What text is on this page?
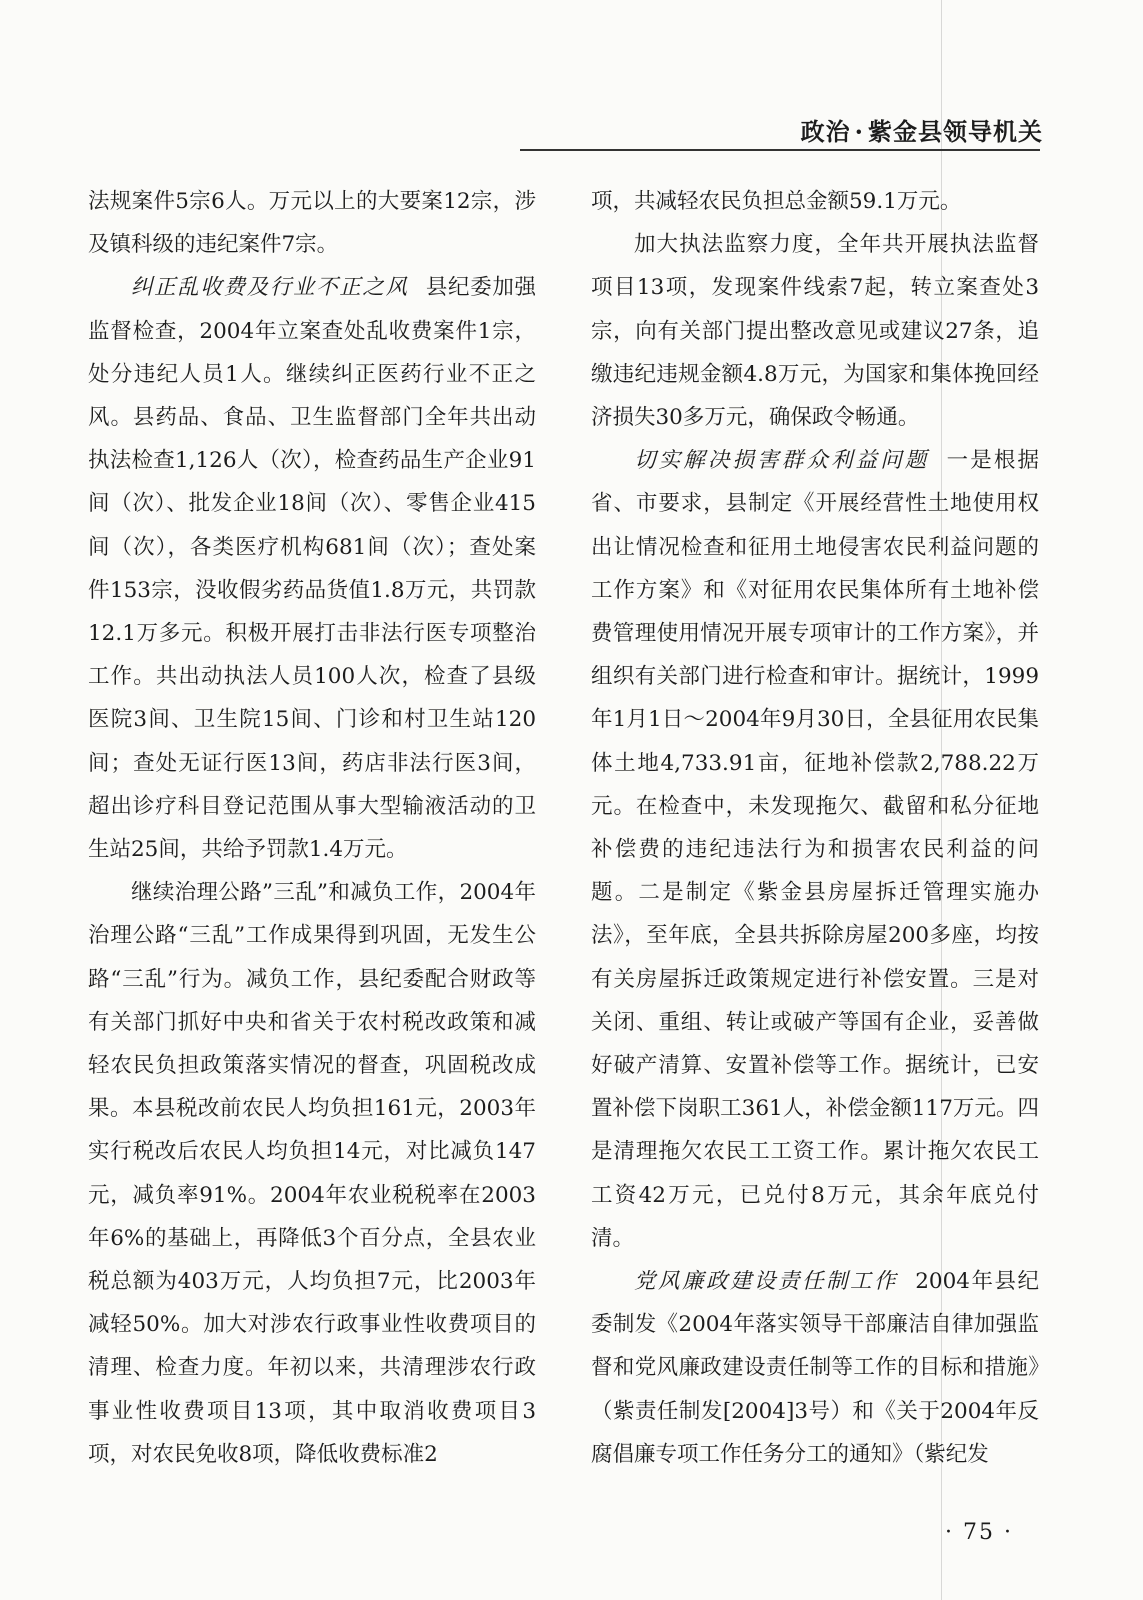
政治 · 紫金县领导机关

法规案件5宗6人。万元以上的大要案12宗，涉及镇科级的违纪案件7宗。

纠正乱收费及行业不正之风 县纪委加强监督检查，2004年立案查处乱收费案件1宗，处分违纪人员1人。继续纠正医药行业不正之风。县药品、食品、卫生监督部门全年共出动执法检查1,126人（次），检查药品生产企业91间（次）、批发企业18间（次）、零售企业415间（次），各类医疗机构681间（次）；查处案件153宗，没收假劣药品货值1.8万元，共罚款12.1万多元。积极开展打击非法行医专项整治工作。共出动执法人员100人次，检查了县级医院3间、卫生院15间、门诊和村卫生站120间；查处无证行医13间，药店非法行医3间，超出诊疗科目登记范围从事大型输液活动的卫生站25间，共给予罚款1.4万元。

继续治理公路”三乱”和减负工作，2004年治理公路“三乱”工作成果得到巩固，无发生公路“三乱”行为。减负工作，县纪委配合财政等有关部门抓好中央和省关于农村税改政策和减轻农民负担政策落实情况的督查，巩固税改成果。本县税改前农民人均负担161元，2003年实行税改后农民人均负担14元，对比减负147元，减负率91%。2004年农业税税率在2003年6%的基础上，再降低3个百分点，全县农业税总额为403万元，人均负担7元，比2003年减轻50%。加大对涉农行政事业性收费项目的清理、检查力度。年初以来，共清理涉农行政事业性收费项目13项，其中取消收费项目3项，对农民免收8项，降低收费标准2

项，共减轻农民负担总金额59.1万元。

加大执法监察力度，全年共开展执法监督项目13项，发现案件线索7起，转立案查处3宗，向有关部门提出整改意见或建议27条，追缴违纪违规金额4.8万元，为国家和集体挽回经济损失30多万元，确保政令畅通。

切实解决损害群众利益问题 一是根据省、市要求，县制定《开展经营性土地使用权出让情况检查和征用土地侵害农民利益问题的工作方案》和《对征用农民集体所有土地补偿费管理使用情况开展专项审计的工作方案》，并组织有关部门进行检查和审计。据统计，1999年1月1日～2004年9月30日，全县征用农民集体土地4,733.91亩，征地补偿款2,788.22万元。在检查中，未发现拖欠、截留和私分征地补偿费的违纪违法行为和损害农民利益的问题。二是制定《紫金县房屋拆迁管理实施办法》，至年底，全县共拆除房屋200多座，均按有关房屋拆迁政策规定进行补偿安置。三是对关闭、重组、转让或破产等国有企业，妥善做好破产清算、安置补偿等工作。据统计，已安置补偿下岗职工361人，补偿金额117万元。四是清理拖欠农民工工资工作。累计拖欠农民工工资42万元，已兑付8万元，其余年底兑付清。

党风廉政建设责任制工作 2004年县纪委制发《2004年落实领导干部廉洁自律加强监督和党风廉政建设责任制等工作的目标和措施》（紫责任制发[2004]3号）和《关于2004年反腐倡廉专项工作任务分工的通知》（紫纪发

· 75 ·
